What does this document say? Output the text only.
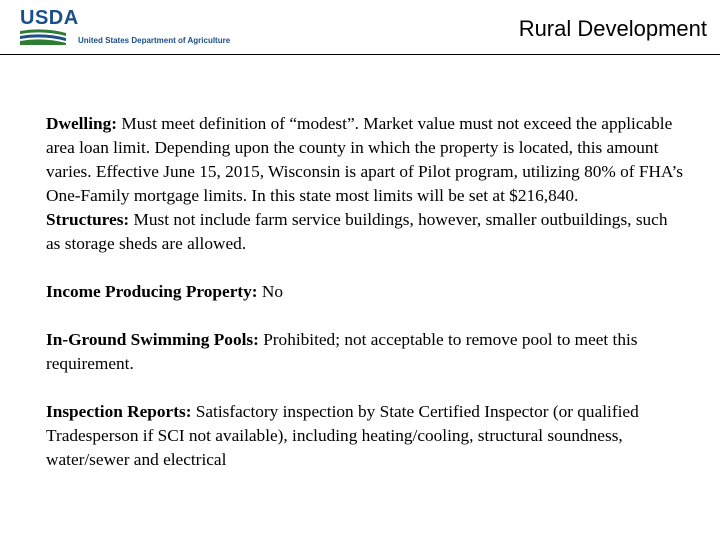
USDA
United States Department of Agriculture	Rural Development

Dwelling: Must meet definition of “modest”. Market value must not exceed the applicable area loan limit. Depending upon the county in which the property is located, this amount varies. Effective June 15, 2015, Wisconsin is apart of Pilot program, utilizing 80% of FHA’s One-Family mortgage limits. In this state most limits will be set at $216,840.

Structures: Must not include farm service buildings, however, smaller outbuildings, such as storage sheds are allowed.

Income Producing Property: No

In-Ground Swimming Pools: Prohibited; not acceptable to remove pool to meet this requirement.

Inspection Reports: Satisfactory inspection by State Certified Inspector (or qualified Tradesperson if SCI not available), including heating/cooling, structural soundness, water/sewer and electrical
